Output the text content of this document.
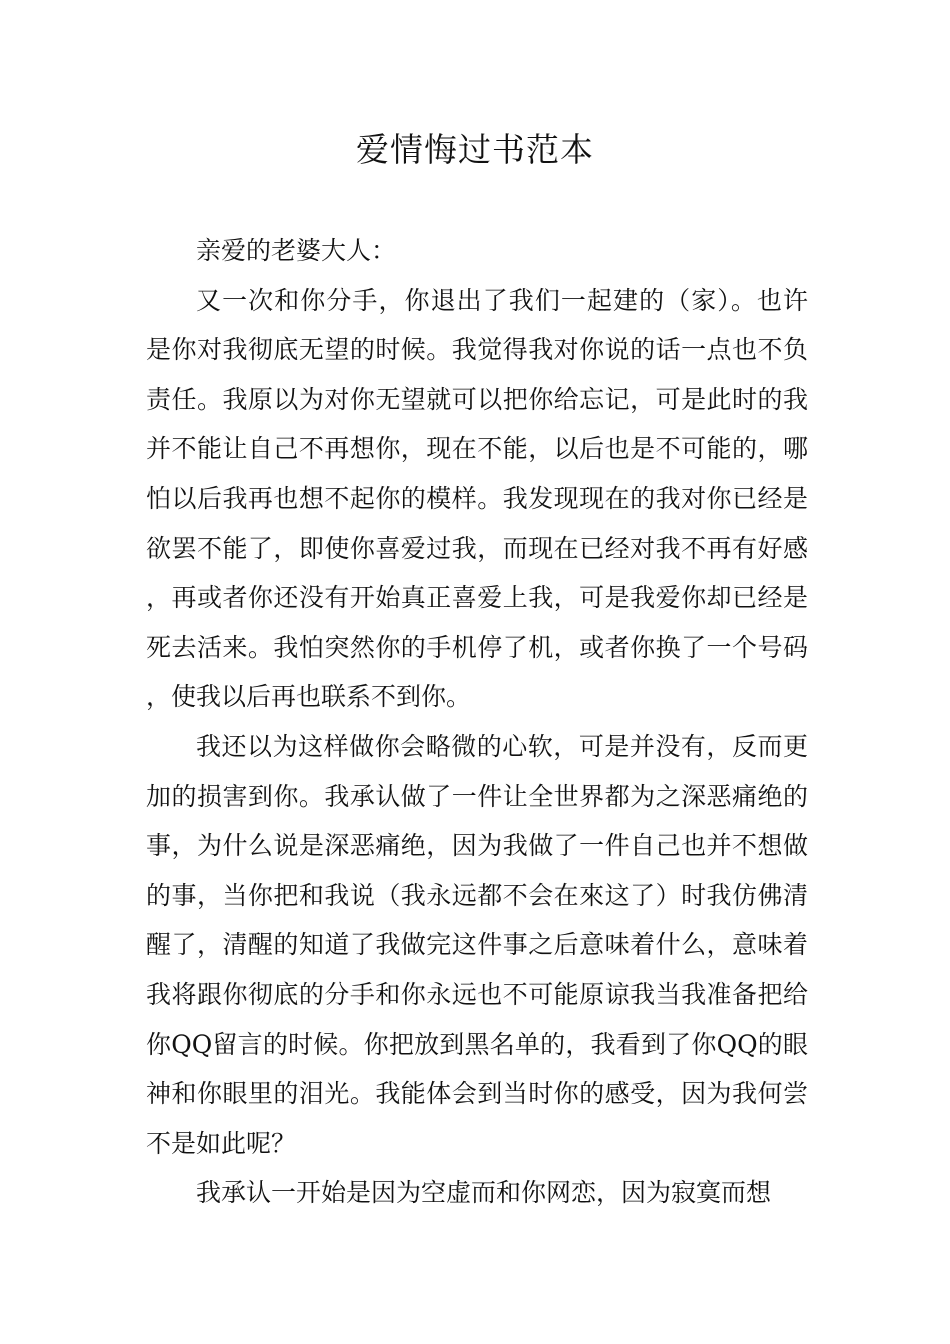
爱情悔过书范本

亲爱的老婆大人：

又一次和你分手，你退出了我们一起建的（家）。也许是你对我彻底无望的时候。我觉得我对你说的话一点也不负责任。我原以为对你无望就可以把你给忘记，可是此时的我并不能让自己不再想你，现在不能，以后也是不可能的，哪怕以后我再也想不起你的模样。我发现现在的我对你已经是欲罢不能了，即使你喜爱过我，而现在已经对我不再有好感，再或者你还没有开始真正喜爱上我，可是我爱你却已经是死去活来。我怕突然你的手机停了机，或者你换了一个号码，使我以后再也联系不到你。

我还以为这样做你会略微的心软，可是并没有，反而更加的损害到你。我承认做了一件让全世界都为之深恶痛绝的事，为什么说是深恶痛绝，因为我做了一件自己也并不想做的事，当你把和我说（我永远都不会在來这了）时我仿佛清醒了，清醒的知道了我做完这件事之后意味着什么，意味着我将跟你彻底的分手和你永远也不可能原谅我当我准备把给你QQ留言的时候。你把放到黑名单的，我看到了你QQ的眼神和你眼里的泪光。我能体会到当时你的感受，因为我何尝不是如此呢？

我承认一开始是因为空虚而和你网恋，因为寂寞而想
